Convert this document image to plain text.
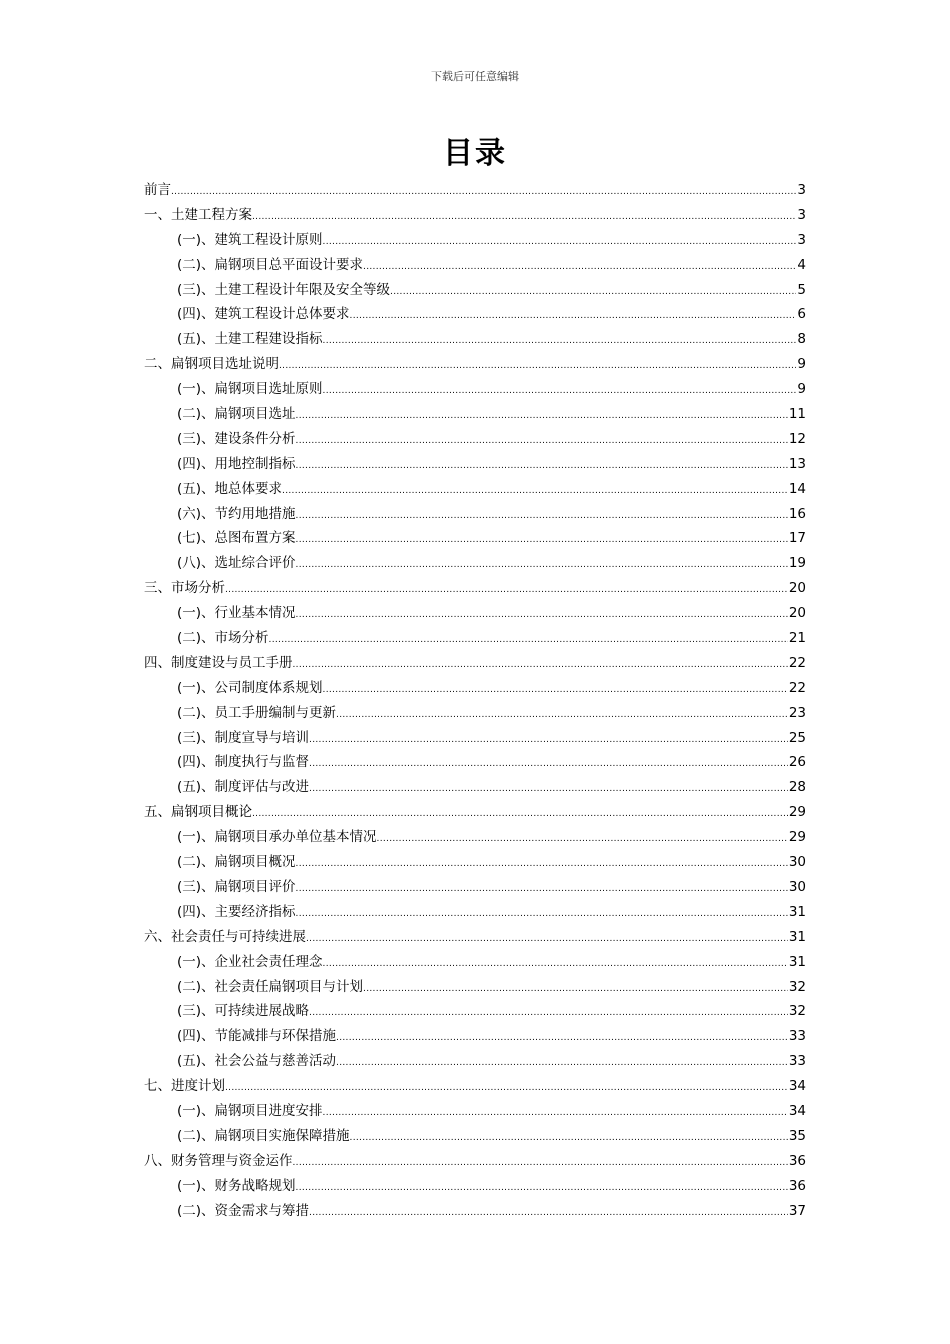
下载后可任意编辑
目录
前言 .....	3
一、土建工程方案 .....	3
(一)、建筑工程设计原则 .....	3
(二)、扁钢项目总平面设计要求 .....	4
(三)、土建工程设计年限及安全等级 .....	5
(四)、建筑工程设计总体要求 .....	6
(五)、土建工程建设指标 .....	8
二、扁钢项目选址说明 .....	9
(一)、扁钢项目选址原则 .....	9
(二)、扁钢项目选址 .....	11
(三)、建设条件分析 .....	12
(四)、用地控制指标 .....	13
(五)、地总体要求 .....	14
(六)、节约用地措施 .....	16
(七)、总图布置方案 .....	17
(八)、选址综合评价 .....	19
三、市场分析 .....	20
(一)、行业基本情况 .....	20
(二)、市场分析 .....	21
四、制度建设与员工手册 .....	22
(一)、公司制度体系规划 .....	22
(二)、员工手册编制与更新 .....	23
(三)、制度宣导与培训 .....	25
(四)、制度执行与监督 .....	26
(五)、制度评估与改进 .....	28
五、扁钢项目概论 .....	29
(一)、扁钢项目承办单位基本情况 .....	29
(二)、扁钢项目概况 .....	30
(三)、扁钢项目评价 .....	30
(四)、主要经济指标 .....	31
六、社会责任与可持续进展 .....	31
(一)、企业社会责任理念 .....	31
(二)、社会责任扁钢项目与计划 .....	32
(三)、可持续进展战略 .....	32
(四)、节能减排与环保措施 .....	33
(五)、社会公益与慈善活动 .....	33
七、进度计划 .....	34
(一)、扁钢项目进度安排 .....	34
(二)、扁钢项目实施保障措施 .....	35
八、财务管理与资金运作 .....	36
(一)、财务战略规划 .....	36
(二)、资金需求与筹措 .....	37
